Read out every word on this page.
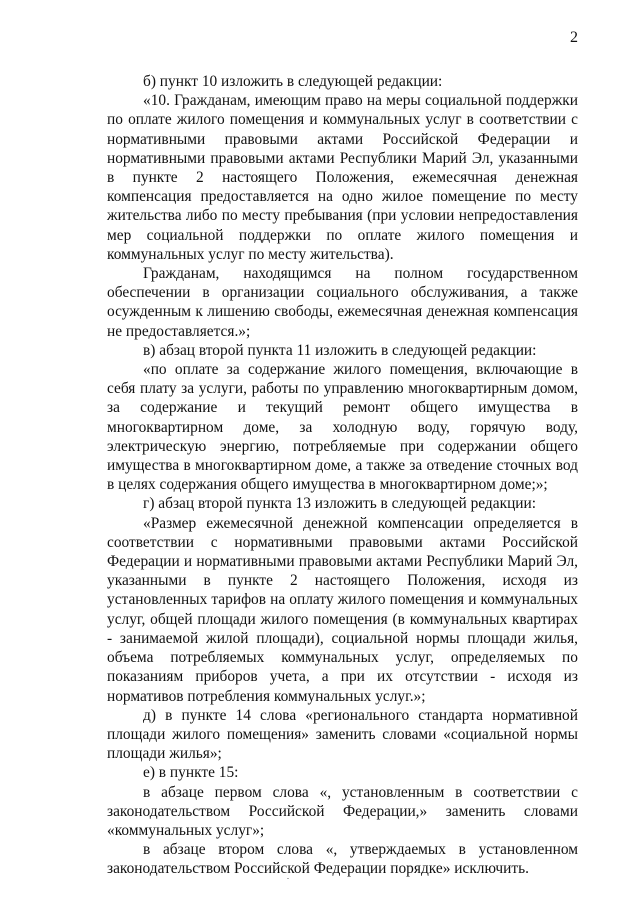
2

б) пункт 10 изложить в следующей редакции:

«10. Гражданам, имеющим право на меры социальной поддержки по оплате жилого помещения и коммунальных услуг в соответствии с нормативными правовыми актами Российской Федерации и нормативными правовыми актами Республики Марий Эл, указанными в пункте 2 настоящего Положения, ежемесячная денежная компенсация предоставляется на одно жилое помещение по месту жительства либо по месту пребывания (при условии непредоставления мер социальной поддержки по оплате жилого помещения и коммунальных услуг по месту жительства).

Гражданам, находящимся на полном государственном обеспечении в организации социального обслуживания, а также осужденным к лишению свободы, ежемесячная денежная компенсация не предоставляется.»;

в) абзац второй пункта 11 изложить в следующей редакции:

«по оплате за содержание жилого помещения, включающие в себя плату за услуги, работы по управлению многоквартирным домом, за содержание и текущий ремонт общего имущества в многоквартирном доме, за холодную воду, горячую воду, электрическую энергию, потребляемые при содержании общего имущества в многоквартирном доме, а также за отведение сточных вод в целях содержания общего имущества в многоквартирном доме;»;

г) абзац второй пункта 13 изложить в следующей редакции:

«Размер ежемесячной денежной компенсации определяется в соответствии с нормативными правовыми актами Российской Федерации и нормативными правовыми актами Республики Марий Эл, указанными в пункте 2 настоящего Положения, исходя из установленных тарифов на оплату жилого помещения и коммунальных услуг, общей площади жилого помещения (в коммунальных квартирах - занимаемой жилой площади), социальной нормы площади жилья, объема потребляемых коммунальных услуг, определяемых по показаниям приборов учета, а при их отсутствии - исходя из нормативов потребления коммунальных услуг.»;

д) в пункте 14 слова «регионального стандарта нормативной площади жилого помещения» заменить словами «социальной нормы площади жилья»;

е) в пункте 15:

в абзаце первом слова «, установленным в соответствии с законодательством Российской Федерации,» заменить словами «коммунальных услуг»;

в абзаце втором слова «, утверждаемых в установленном законодательством Российской Федерации порядке» исключить.
